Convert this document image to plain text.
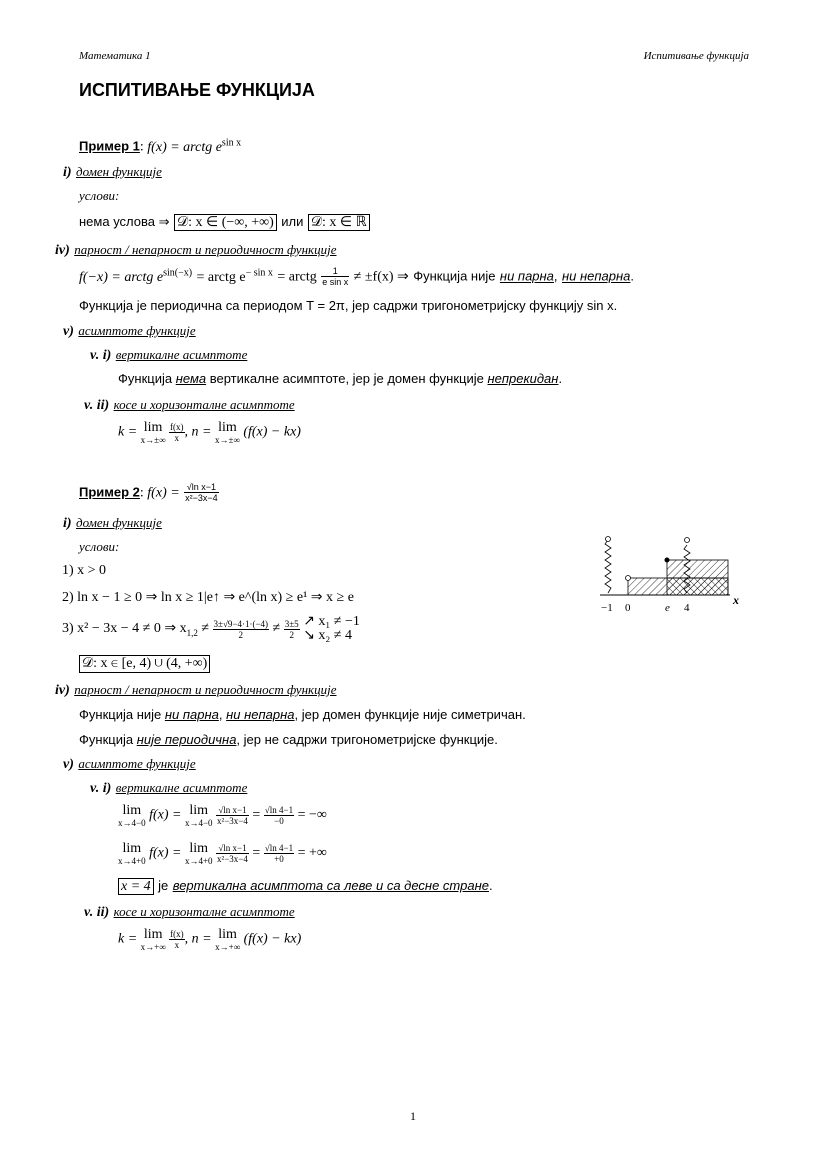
Математика 1	Испитивање функција
ИСПИТИВАЊЕ ФУНКЦИЈА
Пример 1: f(x) = arctg $e^{sin x}$
i) домен функције
услови:
нема услова ⇒ 𝒟: x ∈ (−∞, +∞) или 𝒟: x ∈ ℝ
iv) парност / непарност и периодичност функције
f(−x) = arctg $e^{sin(-x)}$ = arctg $e^{- sin x}$ = arctg $\frac{1}{\text{e sin x}} \ne \pm f(x)$ ⇒ Функција није ни парна, ни непарна.
Функција је периодична са периодом T = 2π, јер садржи тригонометријску функцију sin x.
v) асимптоте функције
v. i) вертикалне асимптоте
Функција нема вертикалне асимптоте, јер је домен функције непрекидан.
v. ii) косе и хоризонталне асимптоте
k = lim
x→±∞
$\frac{f(x)}{x}$ , n = lim
x→±∞
(f(x) − kx)
Пример 2: $f(x) = \frac{\text{√ln x−1}}{\text{x²−3x−4}}$
i) домен функције
услови:
1) x > 0
2) ln x − 1 ≥ 0 ⇒ ln x ≥ 1|e↑ ⇒ e^(ln x) ≥ e¹ ⇒ x ≥ e
3) x² − 3x − 4 ≠ 0 ⇒ $x_{1,2} \ne \frac{3\pm√9-4\cdot 1\cdot(-4)}{2} \ne \frac{3\pm 5}{2}$
↗ x₁ ≠ −1
↘ x₂ ≠ 4
𝒟: x ∈ [e, 4) ∪ (4, +∞)
−1 0	e 4
x
iv) парност / непарност и периодичност функције
Функција није ни парна, ни непарна, јер домен функције није симетричан.
Функција није периодична, јер не садржи тригонометријске функције.
v) асимптоте функције
v. i) вертикалне асимптоте
lim
x→4−0
f(x) = lim
x→4−0
$\frac{\text{√ln x−1}}{\text{x²−3x−4}} = \frac{√\ln 4-1}{-0}$ = −∞
lim
x→4+0
f(x) = lim
x→4+0
$\frac{\text{√ln x−1}}{\text{x²−3x−4}} = \frac{√\ln 4-1}{+0}$ = +∞
x = 4 је вертикална асимптота са леве и са десне стране.
v. ii) косе и хоризонталне асимптоте
k = lim
x→+∞
$\frac{f(x)}{x}$ , n = lim
x→+∞
(f(x) − kx)
1
